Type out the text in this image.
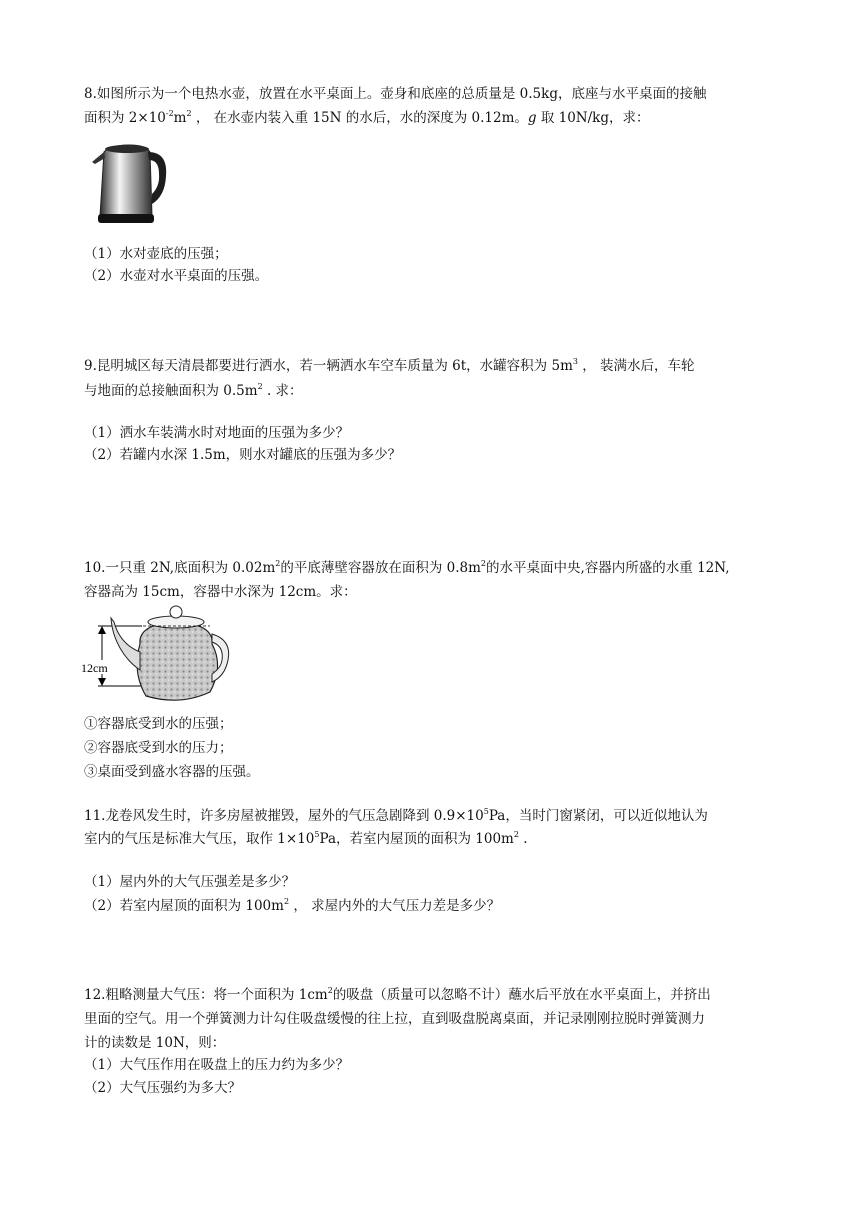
8.如图所示为一个电热水壶，放置在水平桌面上。壶身和底座的总质量是 0.5kg，底座与水平桌面的接触
面积为 $2\times 10^{-2}m^2$ ， 在水壶内装入重 15N 的水后，水的深度为 0.12m。g 取 10N/kg，求：
（1）水对壶底的压强；
（2）水壶对水平桌面的压强。
9.昆明城区每天清晨都要进行洒水，若一辆洒水车空车质量为 6t，水罐容积为 $5m^3$ ， 装满水后，车轮
与地面的总接触面积为 $0.5m^2$ . 求：
（1）洒水车装满水时对地面的压强为多少？
（2）若罐内水深 1.5m，则水对罐底的压强为多少？
10.一只重 2N,底面积为 $0.02m^2$的平底薄壁容器放在面积为 $0.8m^2$的水平桌面中央,容器内所盛的水重 12N,
容器高为 15cm，容器中水深为 12cm。求：
12cm
①容器底受到水的压强；
②容器底受到水的压力；
③桌面受到盛水容器的压强。
11.龙卷风发生时，许多房屋被摧毁，屋外的气压急剧降到 $0.9\times 10^5Pa$，当时门窗紧闭，可以近似地认为
室内的气压是标准大气压，取作 $1\times 10^5Pa$，若室内屋顶的面积为 $100m^2$ .
（1）屋内外的大气压强差是多少？
（2）若室内屋顶的面积为 $100m^2$ ， 求屋内外的大气压力差是多少？
12.粗略测量大气压：将一个面积为 $1cm^2$的吸盘（质量可以忽略不计）蘸水后平放在水平桌面上，并挤出
里面的空气。用一个弹簧测力计勾住吸盘缓慢的往上拉，直到吸盘脱离桌面，并记录刚刚拉脱时弹簧测力
计的读数是 10N，则：
（1）大气压作用在吸盘上的压力约为多少？
（2）大气压强约为多大？
